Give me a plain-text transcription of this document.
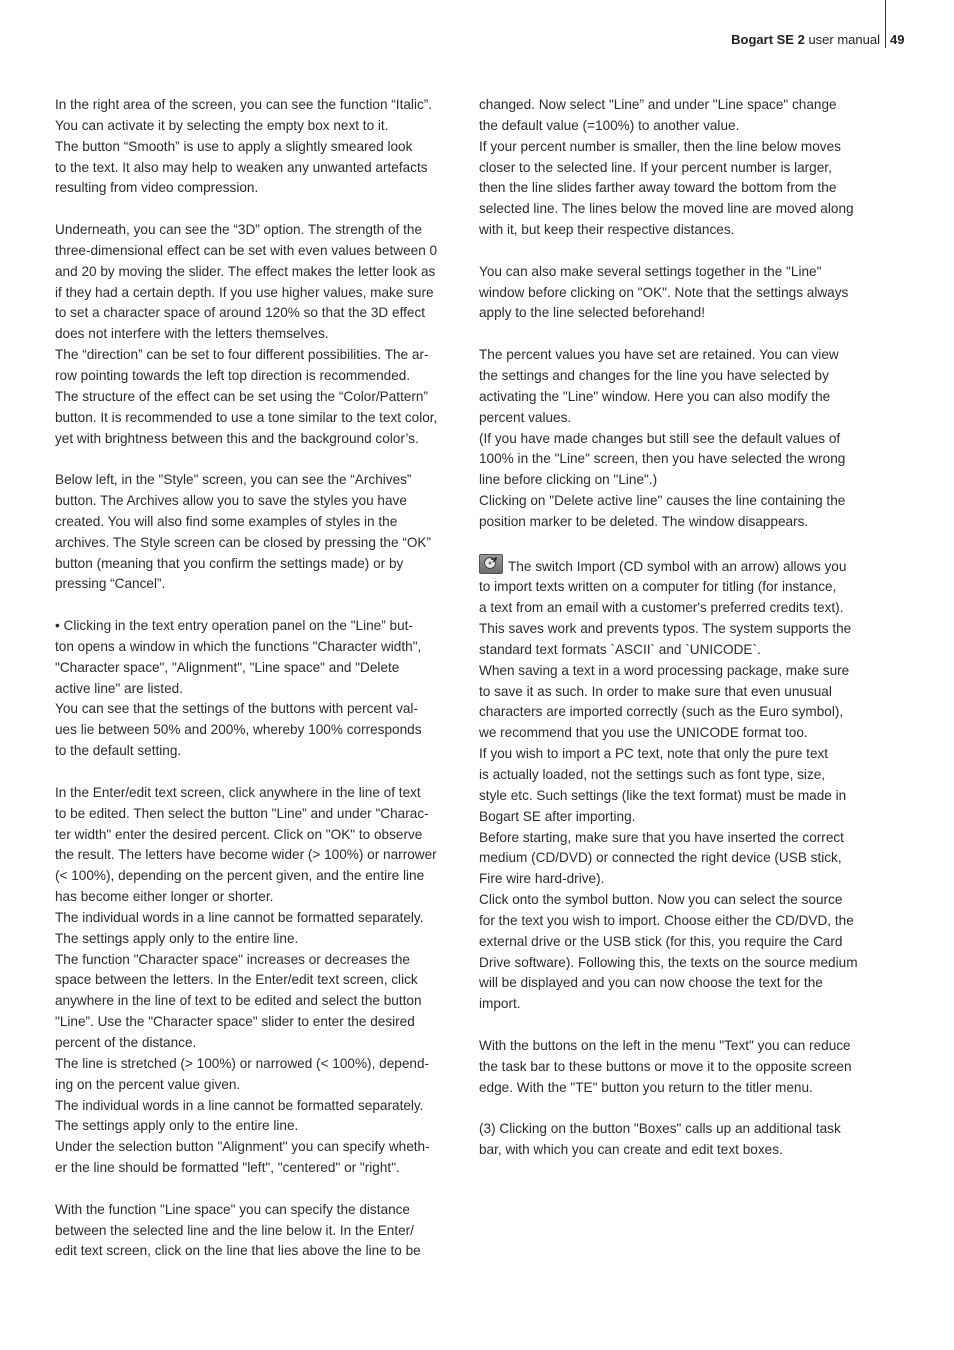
Bogart SE 2 user manual 49

In the right area of the screen, you can see the function “Italic”.
You can activate it by selecting the empty box next to it.
The button “Smooth” is use to apply a slightly smeared look
to the text. It also may help to weaken any unwanted artefacts
resulting from video compression.

Underneath, you can see the “3D” option. The strength of the
three-dimensional effect can be set with even values between 0
and 20 by moving the slider. The effect makes the letter look as
if they had a certain depth. If you use higher values, make sure
to set a character space of around 120% so that the 3D effect
does not interfere with the letters themselves.
The “direction” can be set to four different possibilities. The ar-
row pointing towards the left top direction is recommended.
The structure of the effect can be set using the “Color/Pattern”
button. It is recommended to use a tone similar to the text color,
yet with brightness between this and the background color’s.

Below left, in the "Style" screen, you can see the “Archives”
button. The Archives allow you to save the styles you have
created. You will also find some examples of styles in the
archives. The Style screen can be closed by pressing the “OK”
button (meaning that you confirm the settings made) or by
pressing “Cancel”.

• Clicking in the text entry operation panel on the "Line” but-
ton opens a window in which the functions "Character width",
"Character space", "Alignment", "Line space" and "Delete
active line" are listed.
You can see that the settings of the buttons with percent val-
ues lie between 50% and 200%, whereby 100% corresponds
to the default setting.

In the Enter/edit text screen, click anywhere in the line of text
to be edited. Then select the button "Line” and under "Charac-
ter width" enter the desired percent. Click on "OK" to observe
the result. The letters have become wider (> 100%) or narrower
(< 100%), depending on the percent given, and the entire line
has become either longer or shorter.
The individual words in a line cannot be formatted separately.
The settings apply only to the entire line.
The function "Character space" increases or decreases the
space between the letters. In the Enter/edit text screen, click
anywhere in the line of text to be edited and select the button
"Line”. Use the "Character space" slider to enter the desired
percent of the distance.
The line is stretched (> 100%) or narrowed (< 100%), depend-
ing on the percent value given.
The individual words in a line cannot be formatted separately.
The settings apply only to the entire line.
Under the selection button "Alignment" you can specify wheth-
er the line should be formatted "left", "centered" or "right".

With the function "Line space" you can specify the distance
between the selected line and the line below it. In the Enter/
edit text screen, click on the line that lies above the line to be

changed. Now select "Line” and under "Line space" change
the default value (=100%) to another value.
If your percent number is smaller, then the line below moves
closer to the selected line. If your percent number is larger,
then the line slides farther away toward the bottom from the
selected line. The lines below the moved line are moved along
with it, but keep their respective distances.

You can also make several settings together in the "Line"
window before clicking on "OK". Note that the settings always
apply to the line selected beforehand!

The percent values you have set are retained. You can view
the settings and changes for the line you have selected by
activating the "Line" window. Here you can also modify the
percent values.
(If you have made changes but still see the default values of
100% in the "Line" screen, then you have selected the wrong
line before clicking on "Line".)
Clicking on "Delete active line" causes the line containing the
position marker to be deleted. The window disappears.

The switch Import (CD symbol with an arrow) allows you
to import texts written on a computer for titling (for instance,
a text from an email with a customer's preferred credits text).
This saves work and prevents typos. The system supports the
standard text formats `ASCII` and `UNICODE`.
When saving a text in a word processing package, make sure
to save it as such. In order to make sure that even unusual
characters are imported correctly (such as the Euro symbol),
we recommend that you use the UNICODE format too.
If you wish to import a PC text, note that only the pure text
is actually loaded, not the settings such as font type, size,
style etc. Such settings (like the text format) must be made in
Bogart SE after importing.
Before starting, make sure that you have inserted the correct
medium (CD/DVD) or connected the right device (USB stick,
Fire wire hard-drive).
Click onto the symbol button. Now you can select the source
for the text you wish to import. Choose either the CD/DVD, the
external drive or the USB stick (for this, you require the Card
Drive software). Following this, the texts on the source medium
will be displayed and you can now choose the text for the
import.

With the buttons on the left in the menu "Text" you can reduce
the task bar to these buttons or move it to the opposite screen
edge. With the "TE" button you return to the titler menu.

(3) Clicking on the button "Boxes" calls up an additional task
bar, with which you can create and edit text boxes.
